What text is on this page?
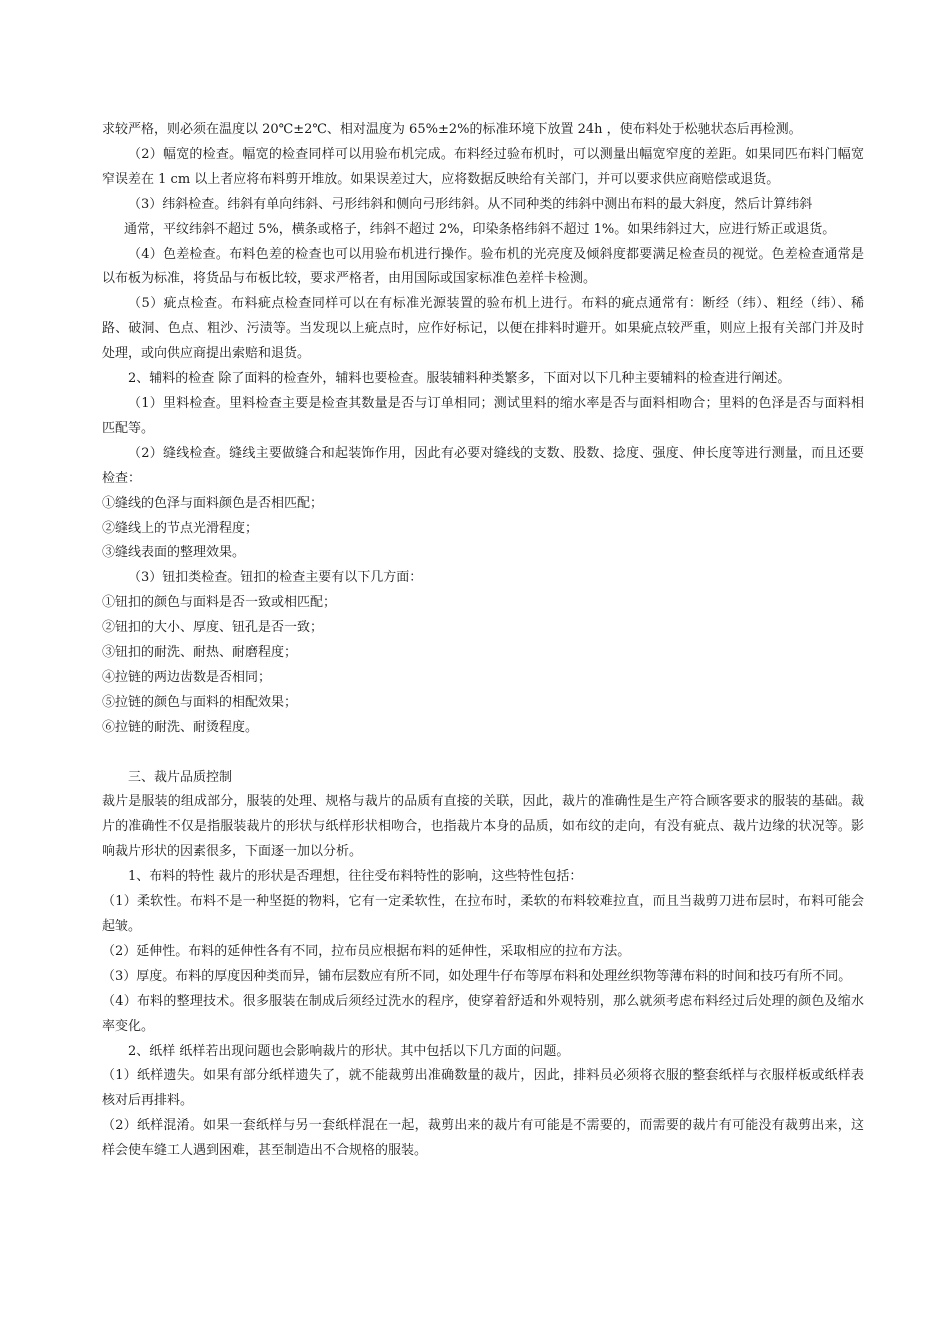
求较严格，则必须在温度以 20℃±2℃、相对温度为 65%±2%的标准环境下放置 24h ，使布料处于松驰状态后再检测。

（2）幅宽的检查。幅宽的检查同样可以用验布机完成。布料经过验布机时，可以测量出幅宽窄度的差距。如果同匹布料门幅宽窄误差在 1 cm 以上者应将布料剪开堆放。如果误差过大，应将数据反映给有关部门，并可以要求供应商赔偿或退货。

（3）纬斜检查。纬斜有单向纬斜、弓形纬斜和侧向弓形纬斜。从不同种类的纬斜中测出布料的最大斜度，然后计算纬斜

通常，平纹纬斜不超过 5%，横条或格子，纬斜不超过 2%，印染条格纬斜不超过 1%。如果纬斜过大，应进行矫正或退货。

（4）色差检查。布料色差的检查也可以用验布机进行操作。验布机的光亮度及倾斜度都要满足检查员的视觉。色差检查通常是以布板为标准，将货品与布板比较，要求严格者，由用国际或国家标准色差样卡检测。

（5）疵点检查。布料疵点检查同样可以在有标准光源装置的验布机上进行。布料的疵点通常有：断经（纬）、粗经（纬）、稀路、破洞、色点、粗沙、污渍等。当发现以上疵点时，应作好标记，以便在排料时避开。如果疵点较严重，则应上报有关部门并及时处理，或向供应商提出索赔和退货。

2、辅料的检查 除了面料的检查外，辅料也要检查。服装辅料种类繁多，下面对以下几种主要辅料的检查进行阐述。

（1）里料检查。里料检查主要是检查其数量是否与订单相同；测试里料的缩水率是否与面料相吻合；里料的色泽是否与面料相匹配等。

（2）缝线检查。缝线主要做缝合和起装饰作用，因此有必要对缝线的支数、股数、捻度、强度、伸长度等进行测量，而且还要检查：

①缝线的色泽与面料颜色是否相匹配；

②缝线上的节点光滑程度；

③缝线表面的整理效果。

（3）钮扣类检查。钮扣的检查主要有以下几方面：

①钮扣的颜色与面料是否一致或相匹配；

②钮扣的大小、厚度、钮孔是否一致；

③钮扣的耐洗、耐热、耐磨程度；

④拉链的两边齿数是否相同；

⑤拉链的颜色与面料的相配效果；

⑥拉链的耐洗、耐烫程度。

三、裁片品质控制

裁片是服装的组成部分，服装的处理、规格与裁片的品质有直接的关联，因此，裁片的准确性是生产符合顾客要求的服装的基础。裁片的准确性不仅是指服装裁片的形状与纸样形状相吻合，也指裁片本身的品质，如布纹的走向，有没有疵点、裁片边缘的状况等。影响裁片形状的因素很多，下面逐一加以分析。

1、布料的特性 裁片的形状是否理想，往往受布料特性的影响，这些特性包括：

（1）柔软性。布料不是一种坚挺的物料，它有一定柔软性，在拉布时，柔软的布料较难拉直，而且当裁剪刀进布层时，布料可能会起皱。

（2）延伸性。布料的延伸性各有不同，拉布员应根据布料的延伸性，采取相应的拉布方法。

（3）厚度。布料的厚度因种类而异，铺布层数应有所不同，如处理牛仔布等厚布料和处理丝织物等薄布料的时间和技巧有所不同。

（4）布料的整理技术。很多服装在制成后须经过洗水的程序，使穿着舒适和外观特别，那么就须考虑布料经过后处理的颜色及缩水率变化。

2、纸样 纸样若出现问题也会影响裁片的形状。其中包括以下几方面的问题。

（1）纸样遗失。如果有部分纸样遗失了，就不能裁剪出准确数量的裁片，因此，排料员必须将衣服的整套纸样与衣服样板或纸样表核对后再排料。

（2）纸样混淆。如果一套纸样与另一套纸样混在一起，裁剪出来的裁片有可能是不需要的，而需要的裁片有可能没有裁剪出来，这样会使车缝工人遇到困难，甚至制造出不合规格的服装。
